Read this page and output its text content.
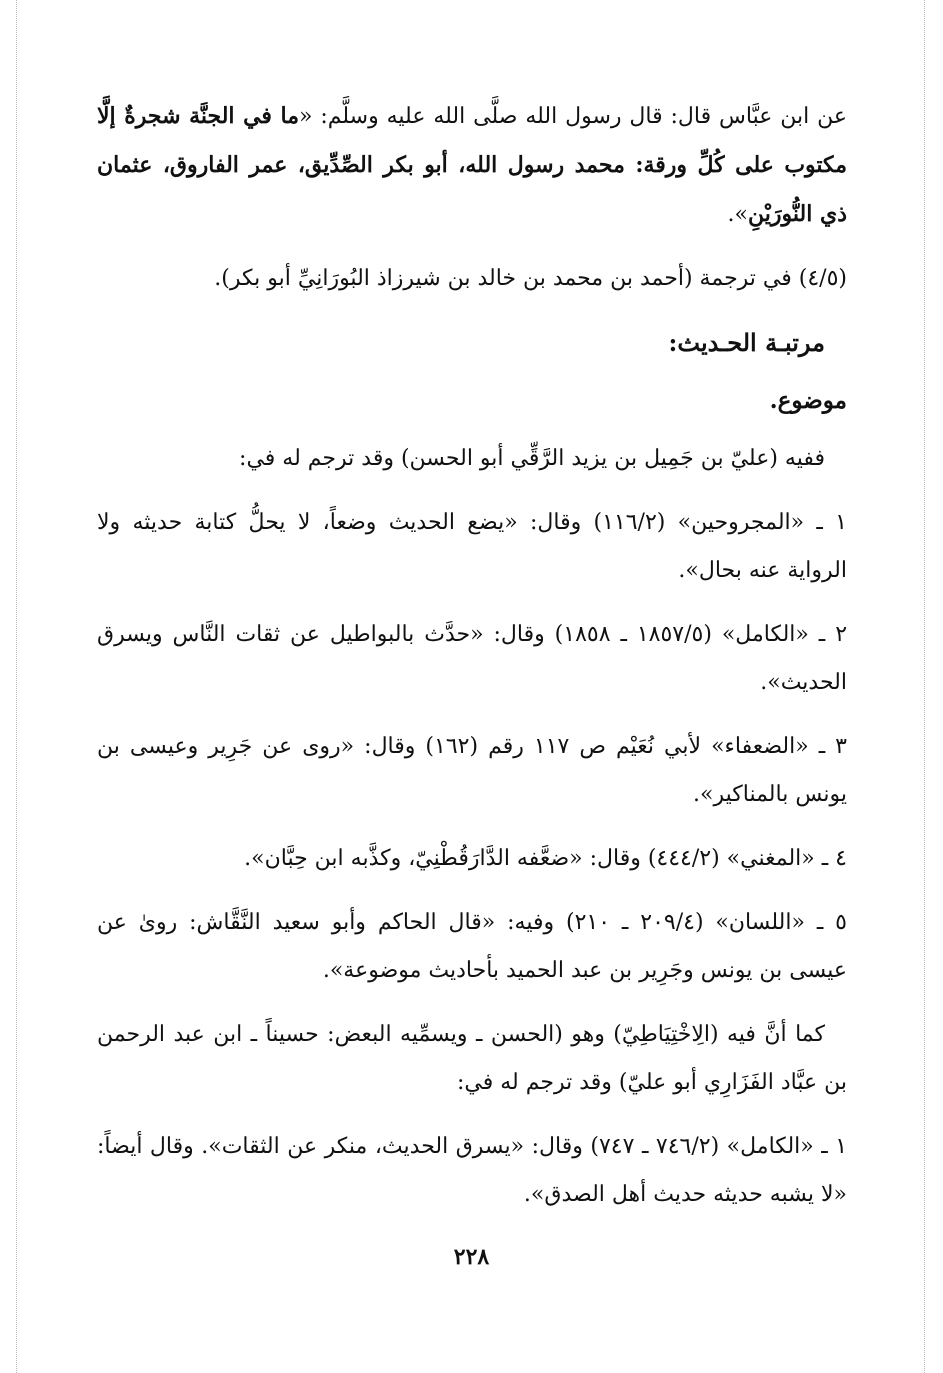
عن ابن عبَّاس قال: قال رسول الله صلَّى الله عليه وسلَّم: «ما في الجنَّة شجرةٌ إلَّا مكتوب على كُلِّ ورقة: محمد رسول الله، أبو بكر الصِّدِّيق، عمر الفاروق، عثمان ذي النُّورَيْنِ».

(٤/٥) في ترجمة (أحمد بن محمد بن خالد بن شيرزاذ البُورَانِيِّ أبو بكر).

مرتبـة الحـديث:
موضوع.

ففيه (عليّ بن جَمِيل بن يزيد الرَّقِّي أبو الحسن) وقد ترجم له في:

١ ـ «المجروحين» (١١٦/٢) وقال: «يضع الحديث وضعاً، لا يحلُّ كتابة حديثه ولا الرواية عنه بحال».

٢ ـ «الكامل» (١٨٥٧/٥ ـ ١٨٥٨) وقال: «حدَّث بالبواطيل عن ثقات النَّاس ويسرق الحديث».

٣ ـ «الضعفاء» لأبي نُعَيْم ص ١١٧ رقم (١٦٢) وقال: «روى عن جَرِير وعيسى بن يونس بالمناكير».

٤ ـ «المغني» (٤٤٤/٢) وقال: «ضعَّفه الدَّارَقُطْنِيّ، وكذَّبه ابن حِبَّان».

٥ ـ «اللسان» (٢٠٩/٤ ـ ٢١٠) وفيه: «قال الحاكم وأبو سعيد النَّقَّاش: روىٰ عن عيسى بن يونس وجَرِير بن عبد الحميد بأحاديث موضوعة».

كما أنَّ فيه (الِاخْتِيَاطِيّ) وهو (الحسن ـ ويسمِّيه البعض: حسيناً ـ ابن عبد الرحمن بن عبَّاد الفَزَارِي أبو عليّ) وقد ترجم له في:

١ ـ «الكامل» (٧٤٦/٢ ـ ٧٤٧) وقال: «يسرق الحديث، منكر عن الثقات». وقال أيضاً: «لا يشبه حديثه حديث أهل الصدق».

٢٢٨
